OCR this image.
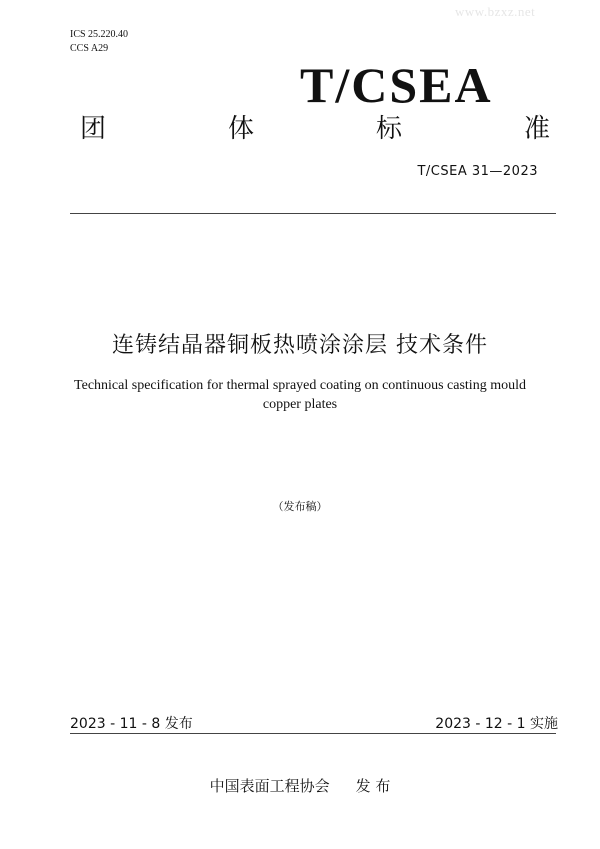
www.bzxz.net
ICS 25.220.40
CCS A29
T/CSEA
团	体	标	准
T/CSEA 31—2023
连铸结晶器铜板热喷涂涂层 技术条件
Technical specification for thermal sprayed coating on continuous casting mould
copper plates
（发布稿）
2023 - 11 - 8 发布	2023 - 12 - 1 实施
中国表面工程协会 发 布
